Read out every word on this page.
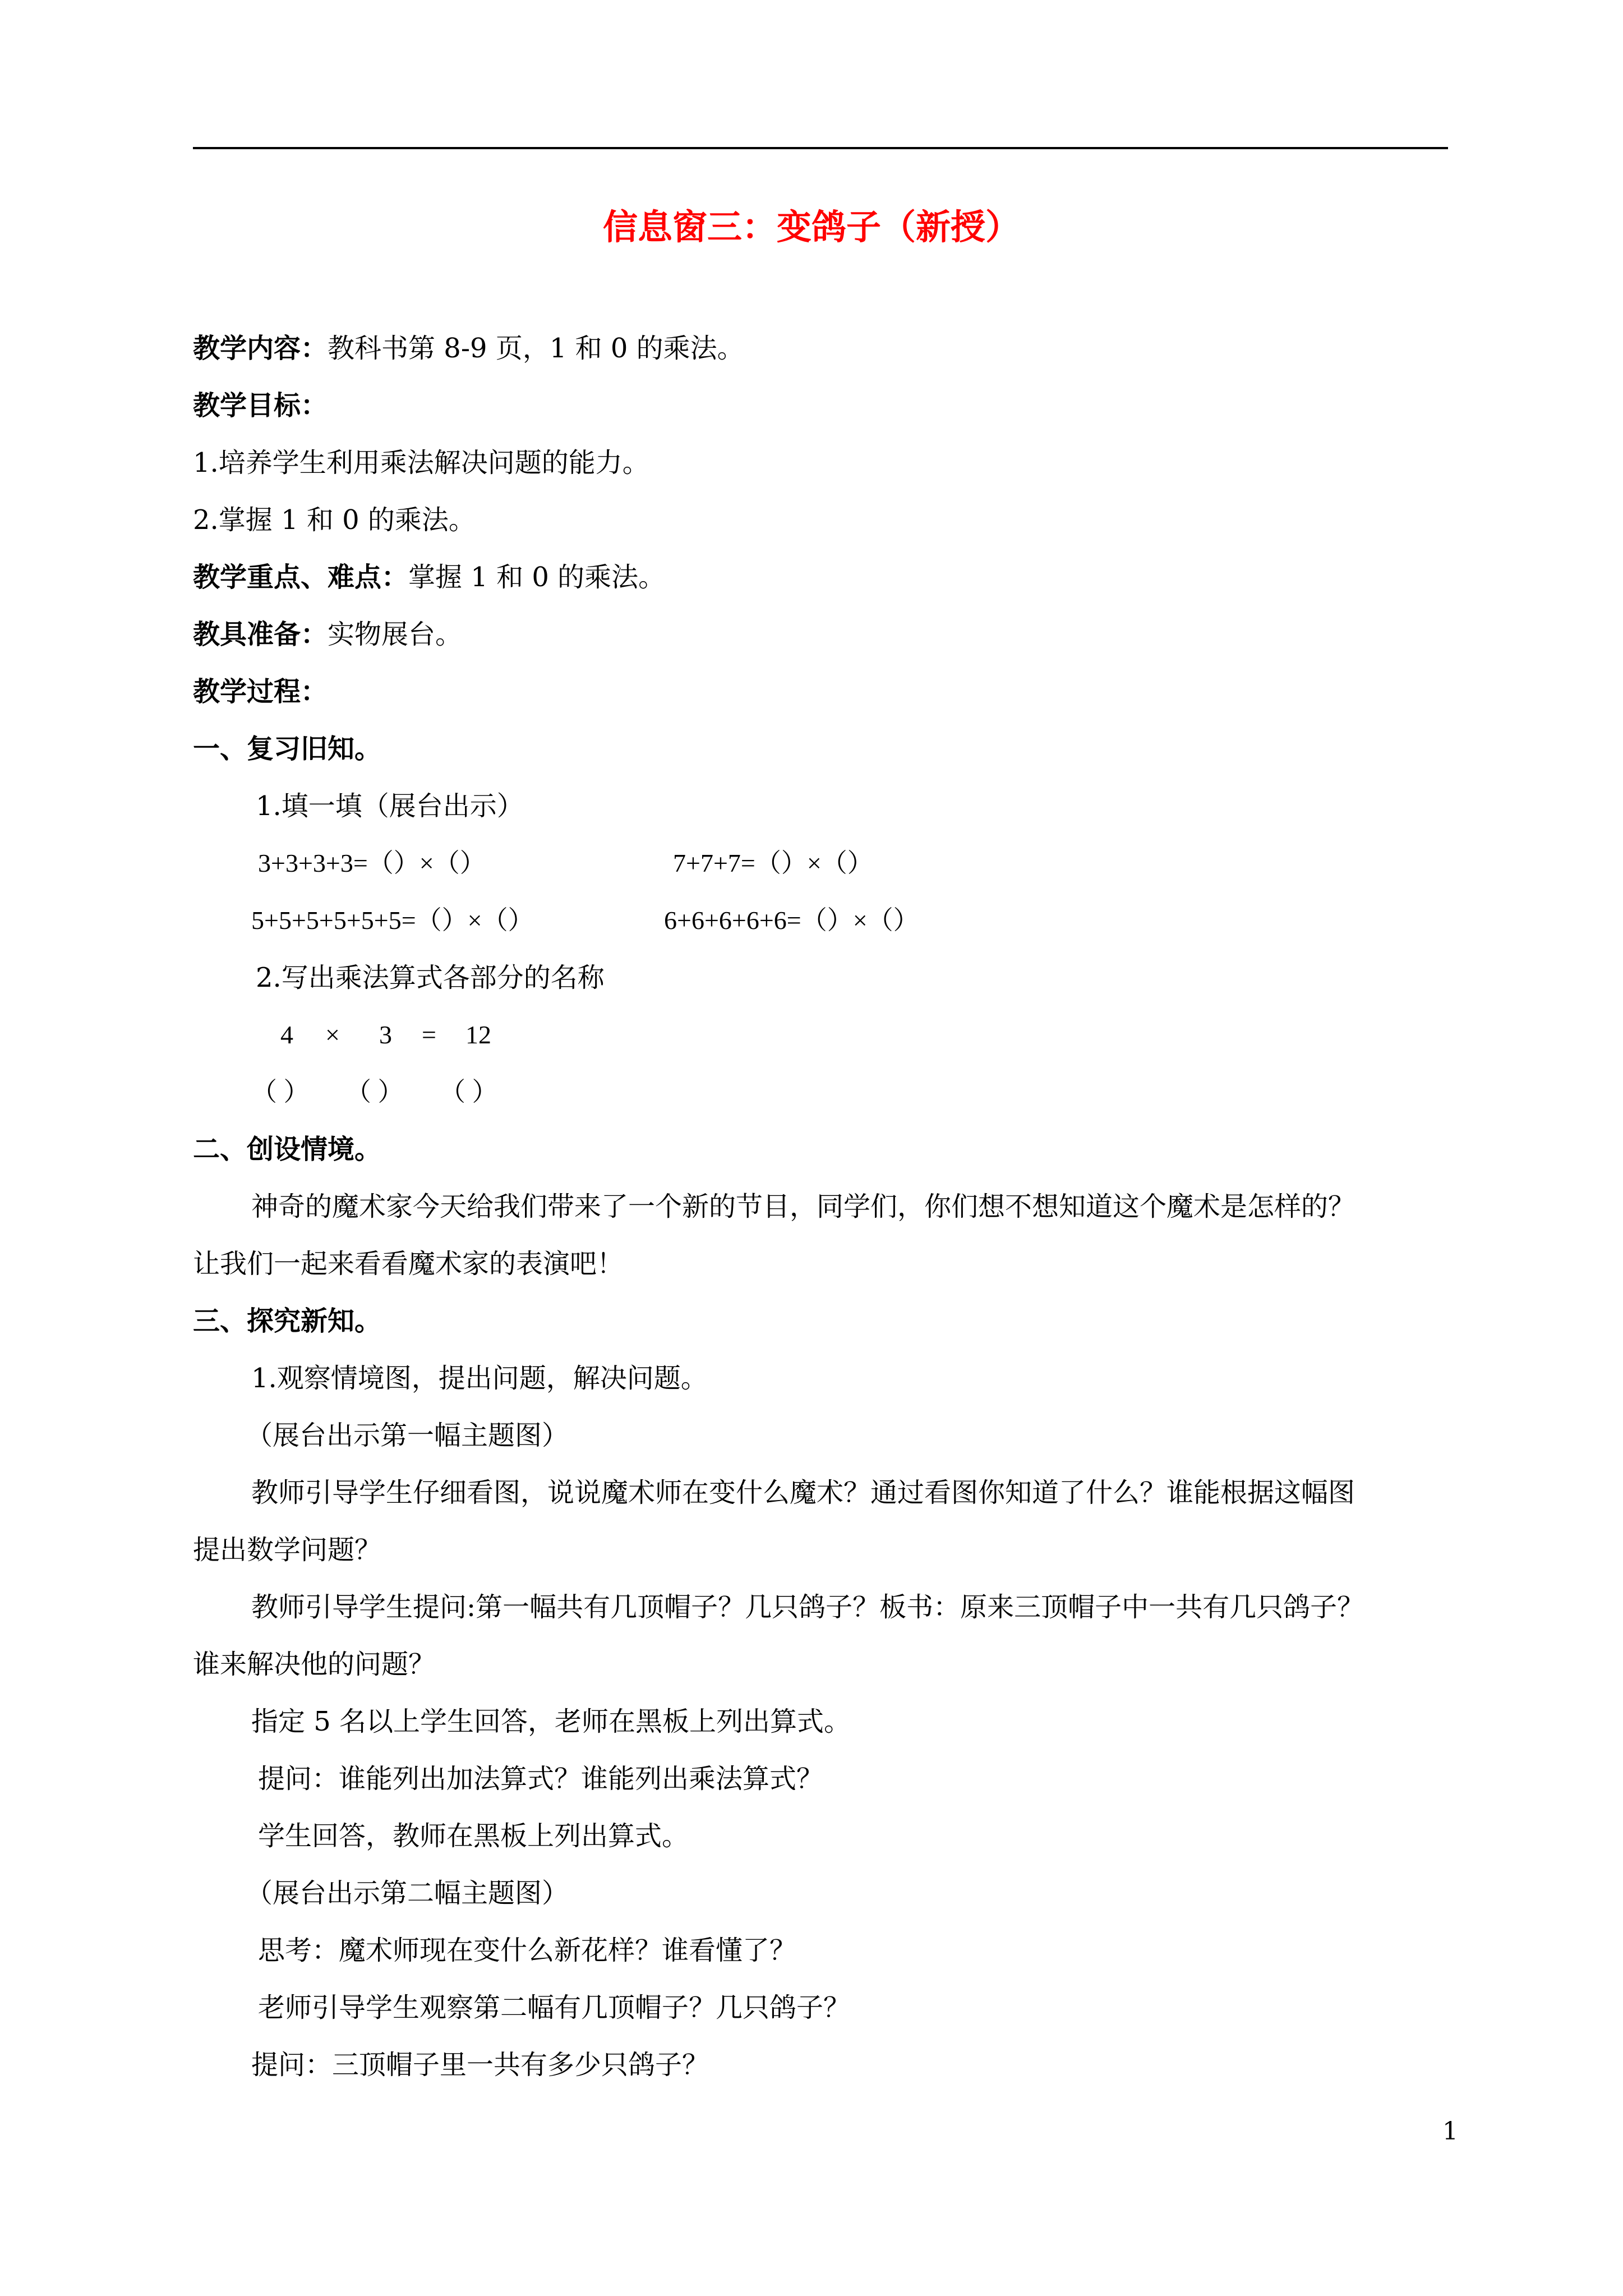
信息窗三：变鸽子（新授）
教学内容：教科书第 8-9 页，1 和 0 的乘法。
教学目标：
1.培养学生利用乘法解决问题的能力。
2.掌握 1 和 0 的乘法。
教学重点、难点：掌握 1 和 0 的乘法。
教具准备：实物展台。
教学过程：
一、复习旧知。
1.填一填（展台出示）
3+3+3+3=（）×（）	7+7+7=（）×（）
5+5+5+5+5+5=（）×（）	6+6+6+6+6=（）×（）
2.写出乘法算式各部分的名称
4 × 3 = 12
（ ） （ ） （ ）
二、创设情境。
神奇的魔术家今天给我们带来了一个新的节目，同学们，你们想不想知道这个魔术是怎样的？
让我们一起来看看魔术家的表演吧！
三、探究新知。
1.观察情境图，提出问题，解决问题。
（展台出示第一幅主题图）
教师引导学生仔细看图，说说魔术师在变什么魔术？通过看图你知道了什么？谁能根据这幅图
提出数学问题？
教师引导学生提问:第一幅共有几顶帽子？几只鸽子？板书：原来三顶帽子中一共有几只鸽子？
谁来解决他的问题？
指定 5 名以上学生回答，老师在黑板上列出算式。
提问：谁能列出加法算式？谁能列出乘法算式？
学生回答，教师在黑板上列出算式。
（展台出示第二幅主题图）
思考：魔术师现在变什么新花样？谁看懂了？
老师引导学生观察第二幅有几顶帽子？几只鸽子？
提问：三顶帽子里一共有多少只鸽子？
1
